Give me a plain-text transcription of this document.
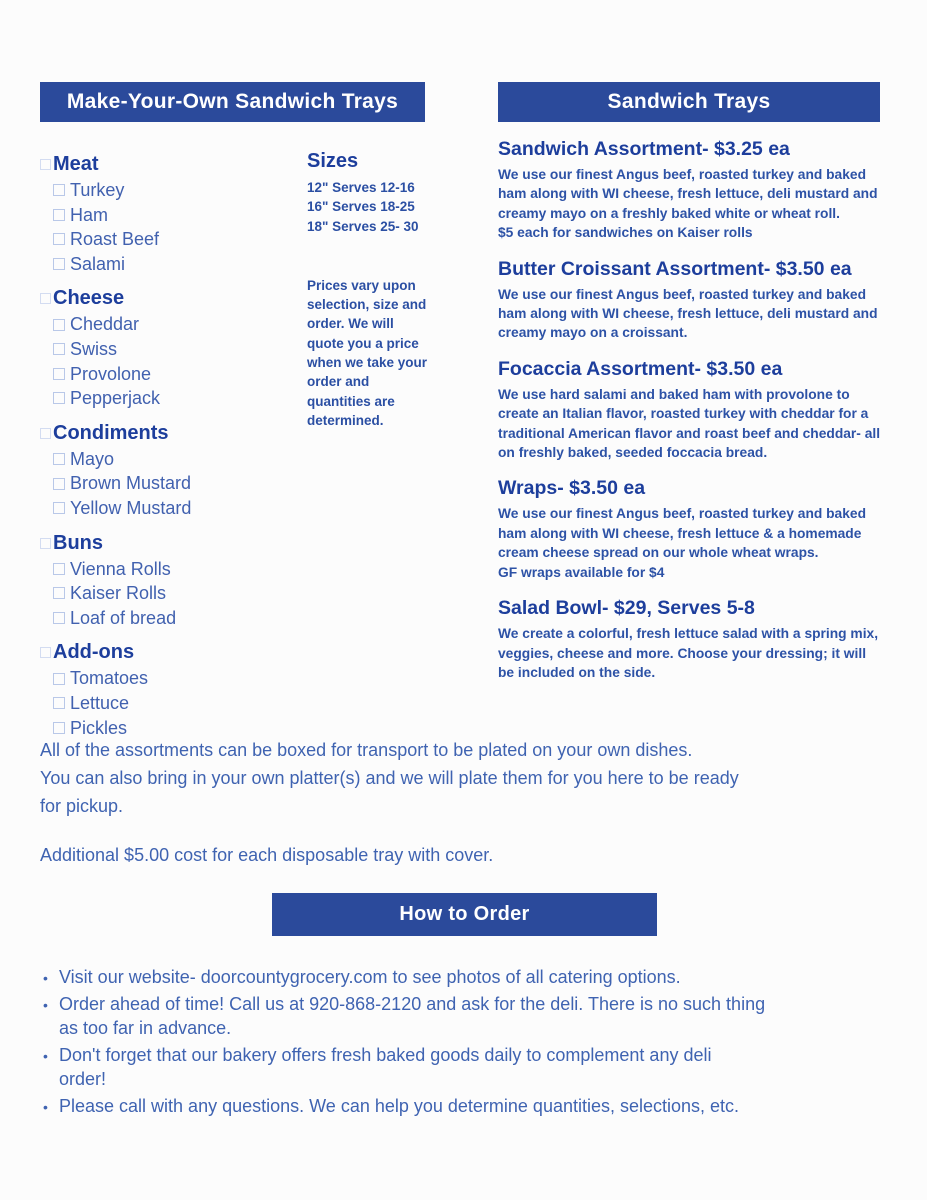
Make-Your-Own Sandwich Trays
Meat
Turkey
Ham
Roast Beef
Salami
Cheese
Cheddar
Swiss
Provolone
Pepperjack
Condiments
Mayo
Brown Mustard
Yellow Mustard
Buns
Vienna Rolls
Kaiser Rolls
Loaf of bread
Add-ons
Tomatoes
Lettuce
Pickles
Sizes
12" Serves 12-16
16" Serves 18-25
18" Serves 25- 30
Prices vary upon selection, size and order. We will quote you a price when we take your order and quantities are determined.
Sandwich Trays
Sandwich Assortment- $3.25 ea
We use our finest Angus beef, roasted turkey and baked ham along with WI cheese, fresh lettuce, deli mustard and creamy mayo on a freshly baked white or wheat roll.
$5 each for sandwiches on Kaiser rolls
Butter Croissant Assortment- $3.50 ea
We use our finest Angus beef, roasted turkey and baked ham along with WI cheese, fresh lettuce, deli mustard and creamy mayo on a croissant.
Focaccia Assortment- $3.50 ea
We use hard salami and baked ham with provolone to create an Italian flavor, roasted turkey with cheddar for a traditional American flavor and roast beef and cheddar- all on freshly baked, seeded foccacia bread.
Wraps- $3.50 ea
We use our finest Angus beef, roasted turkey and baked ham along with WI cheese, fresh lettuce & a homemade cream cheese spread on our whole wheat wraps.
GF wraps available for $4
Salad Bowl- $29, Serves 5-8
We create a colorful, fresh lettuce salad with a spring mix, veggies, cheese and more. Choose your dressing; it will be included on the side.
All of the assortments can be boxed for transport to be plated on your own dishes.
You can also bring in your own platter(s) and we will plate them for you here to be ready
for pickup.
Additional $5.00 cost for each disposable tray with cover.
How to Order
• Visit our website- doorcountygrocery.com to see photos of all catering options.
• Order ahead of time! Call us at 920-868-2120 and ask for the deli. There is no such thing
as too far in advance.
• Don't forget that our bakery offers fresh baked goods daily to complement any deli
order!
• Please call with any questions. We can help you determine quantities, selections, etc.
